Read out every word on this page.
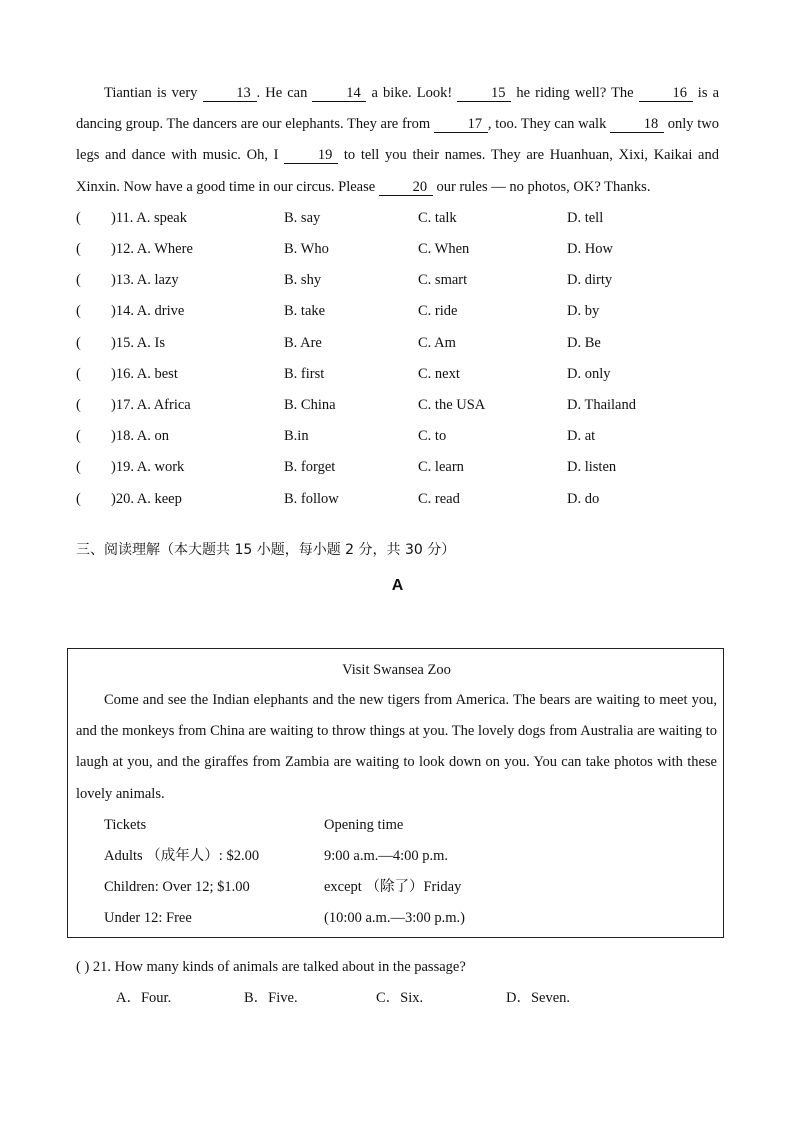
Tiantian is very 13 . He can 14 a bike. Look! 15 he riding well? The 16 is a dancing group. The dancers are our elephants. They are from 17 , too. They can walk 18 only two legs and dance with music. Oh, I 19 to tell you their names. They are Huanhuan, Xixi, Kaikai and Xinxin. Now have a good time in our circus. Please 20 our rules — no photos, OK? Thanks.

( )11. A. speak	B. say	C. talk	D. tell
( )12. A. Where	B. Who	C. When	D. How
( )13. A. lazy	B. shy	C. smart	D. dirty
( )14. A. drive	B. take	C. ride	D. by
( )15. A. Is	B. Are	C. Am	D. Be
( )16. A. best	B. first	C. next	D. only
( )17. A. Africa	B. China	C. the USA	D. Thailand
( )18. A. on	B.in	C. to	D. at
( )19. A. work	B. forget	C. learn	D. listen
( )20. A. keep	B. follow	C. read	D. do
三、阅读理解（本大题共 15 小题，每小题 2 分，共 30 分）
A
Visit Swansea Zoo

Come and see the Indian elephants and the new tigers from America. The bears are waiting to meet you, and the monkeys from China are waiting to throw things at you. The lovely dogs from Australia are waiting to laugh at you, and the giraffes from Zambia are waiting to look down on you. You can take photos with these lovely animals.

Tickets	Opening time
Adults （成年人）: $2.00	9:00 a.m.—4:00 p.m.
Children: Over 12; $1.00	except （除了）Friday
Under 12: Free	(10:00 a.m.—3:00 p.m.)
( ) 21. How many kinds of animals are talked about in the passage?
A．Four.	B．Five.	C．Six.	D．Seven.
